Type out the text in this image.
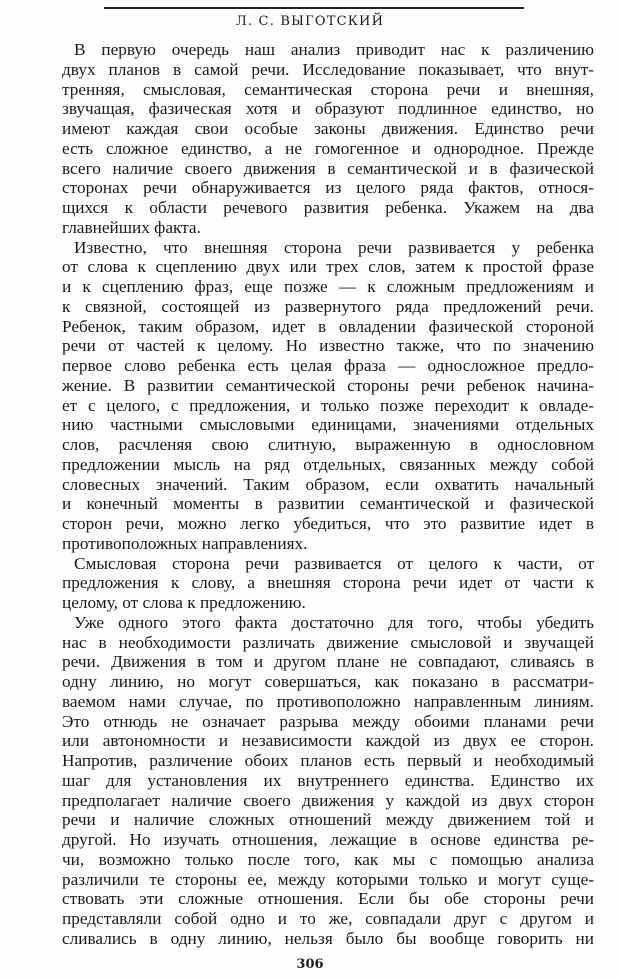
Л. С. ВЫГОТСКИЙ
В первую очередь наш анализ приводит нас к различению
двух планов в самой речи. Исследование показывает, что внут-
тренняя, смысловая, семантическая сторона речи и внешняя,
звучащая, фазическая хотя и образуют подлинное единство, но
имеют каждая свои особые законы движения. Единство речи
есть сложное единство, а не гомогенное и однородное. Прежде
всего наличие своего движения в семантической и в фазической
сторонах речи обнаруживается из целого ряда фактов, относя-
щихся к области речевого развития ребенка. Укажем на два
главнейших факта.
Известно, что внешняя сторона речи развивается у ребенка
от слова к сцеплению двух или трех слов, затем к простой фразе
и к сцеплению фраз, еще позже — к сложным предложениям и
к связной, состоящей из развернутого ряда предложений речи.
Ребенок, таким образом, идет в овладении фазической стороной
речи от частей к целому. Но известно также, что по значению
первое слово ребенка есть целая фраза — односложное предло-
жение. В развитии семантической стороны речи ребенок начина-
ет с целого, с предложения, и только позже переходит к овладе-
нию частными смысловыми единицами, значениями отдельных
слов, расчленяя свою слитную, выраженную в однословном
предложении мысль на ряд отдельных, связанных между собой
словесных значений. Таким образом, если охватить начальный
и конечный моменты в развитии семантической и фазической
сторон речи, можно легко убедиться, что это развитие идет в
противоположных направлениях.
Смысловая сторона речи развивается от целого к части, от
предложения к слову, а внешняя сторона речи идет от части к
целому, от слова к предложению.
Уже одного этого факта достаточно для того, чтобы убедить
нас в необходимости различать движение смысловой и звучащей
речи. Движения в том и другом плане не совпадают, сливаясь в
одну линию, но могут совершаться, как показано в рассматри-
ваемом нами случае, по противоположно направленным линиям.
Это отнюдь не означает разрыва между обоими планами речи
или автономности и независимости каждой из двух ее сторон.
Напротив, различение обоих планов есть первый и необходимый
шаг для установления их внутреннего единства. Единство их
предполагает наличие своего движения у каждой из двух сторон
речи и наличие сложных отношений между движением той и
другой. Но изучать отношения, лежащие в основе единства ре-
чи, возможно только после того, как мы с помощью анализа
различили те стороны ее, между которыми только и могут суще-
ствовать эти сложные отношения. Если бы обе стороны речи
представляли собой одно и то же, совпадали друг с другом и
сливались в одну линию, нельзя было бы вообще говорить ни
306
